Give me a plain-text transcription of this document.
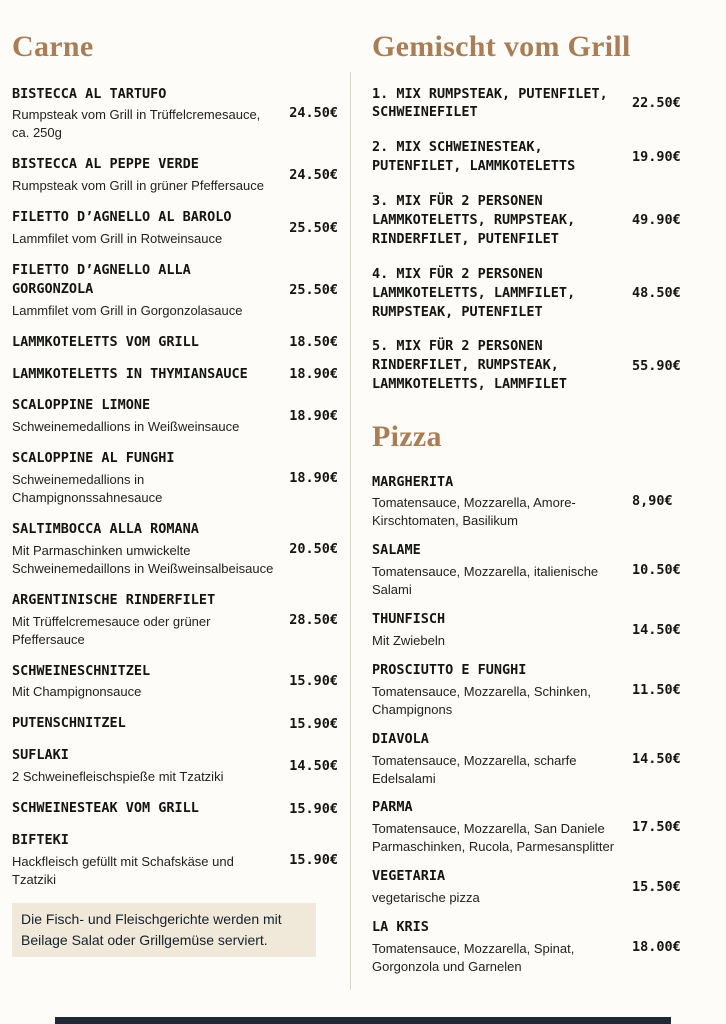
Carne
BISTECCA AL TARTUFO
Rumpsteak vom Grill in Trüffelcremesauce, ca. 250g
24.50€
BISTECCA AL PEPPE VERDE
Rumpsteak vom Grill in grüner Pfeffersauce
24.50€
FILETTO D’AGNELLO AL BAROLO
Lammfilet vom Grill in Rotweinsauce
25.50€
FILETTO D’AGNELLO ALLA GORGONZOLA
Lammfilet vom Grill in Gorgonzolasauce
25.50€
LAMMKOTELETTS VOM GRILL	18.50€
LAMMKOTELETTS IN THYMIANSAUCE	18.90€
SCALOPPINE LIMONE
Schweinemedallions in Weißweinsauce
18.90€
SCALOPPINE AL FUNGHI
Schweinemedallions in Champignonssahnesauce
18.90€
SALTIMBOCCA ALLA ROMANA
Mit Parmaschinken umwickelte Schweinemedaillons in Weißweinsalbeisauce
20.50€
ARGENTINISCHE RINDERFILET
Mit Trüffelcremesauce oder grüner Pfeffersauce
28.50€
SCHWEINESCHNITZEL
Mit Champignonsauce
15.90€
PUTENSCHNITZEL	15.90€
SUFLAKI
2 Schweinefleischspieße mit Tzatziki
14.50€
SCHWEINESTEAK VOM GRILL	15.90€
BIFTEKI
Hackfleisch gefüllt mit Schafskäse und Tzatziki
15.90€
Die Fisch- und Fleischgerichte werden mit Beilage Salat oder Grillgemüse serviert.
Gemischt vom Grill
1. MIX RUMPSTEAK, PUTENFILET, SCHWEINEFILET
22.50€
2. MIX SCHWEINESTEAK, PUTENFILET, LAMMKOTELETTS
19.90€
3. MIX FÜR 2 PERSONEN LAMMKOTELETTS, RUMPSTEAK, RINDERFILET, PUTENFILET
49.90€
4. MIX FÜR 2 PERSONEN LAMMKOTELETTS, LAMMFILET, RUMPSTEAK, PUTENFILET
48.50€
5. MIX FÜR 2 PERSONEN RINDERFILET, RUMPSTEAK, LAMMKOTELETTS, LAMMFILET
55.90€
Pizza
MARGHERITA
Tomatensauce, Mozzarella, Amore-Kirschtomaten, Basilikum
8,90€
SALAME
Tomatensauce, Mozzarella, italienische Salami
10.50€
THUNFISCH
Mit Zwiebeln
14.50€
PROSCIUTTO E FUNGHI
Tomatensauce, Mozzarella, Schinken, Champignons
11.50€
DIAVOLA
Tomatensauce, Mozzarella, scharfe Edelsalami
14.50€
PARMA
Tomatensauce, Mozzarella, San Daniele Parmaschinken, Rucola, Parmesansplitter
17.50€
VEGETARIA
vegetarische pizza
15.50€
LA KRIS
Tomatensauce, Mozzarella, Spinat, Gorgonzola und Garnelen
18.00€
